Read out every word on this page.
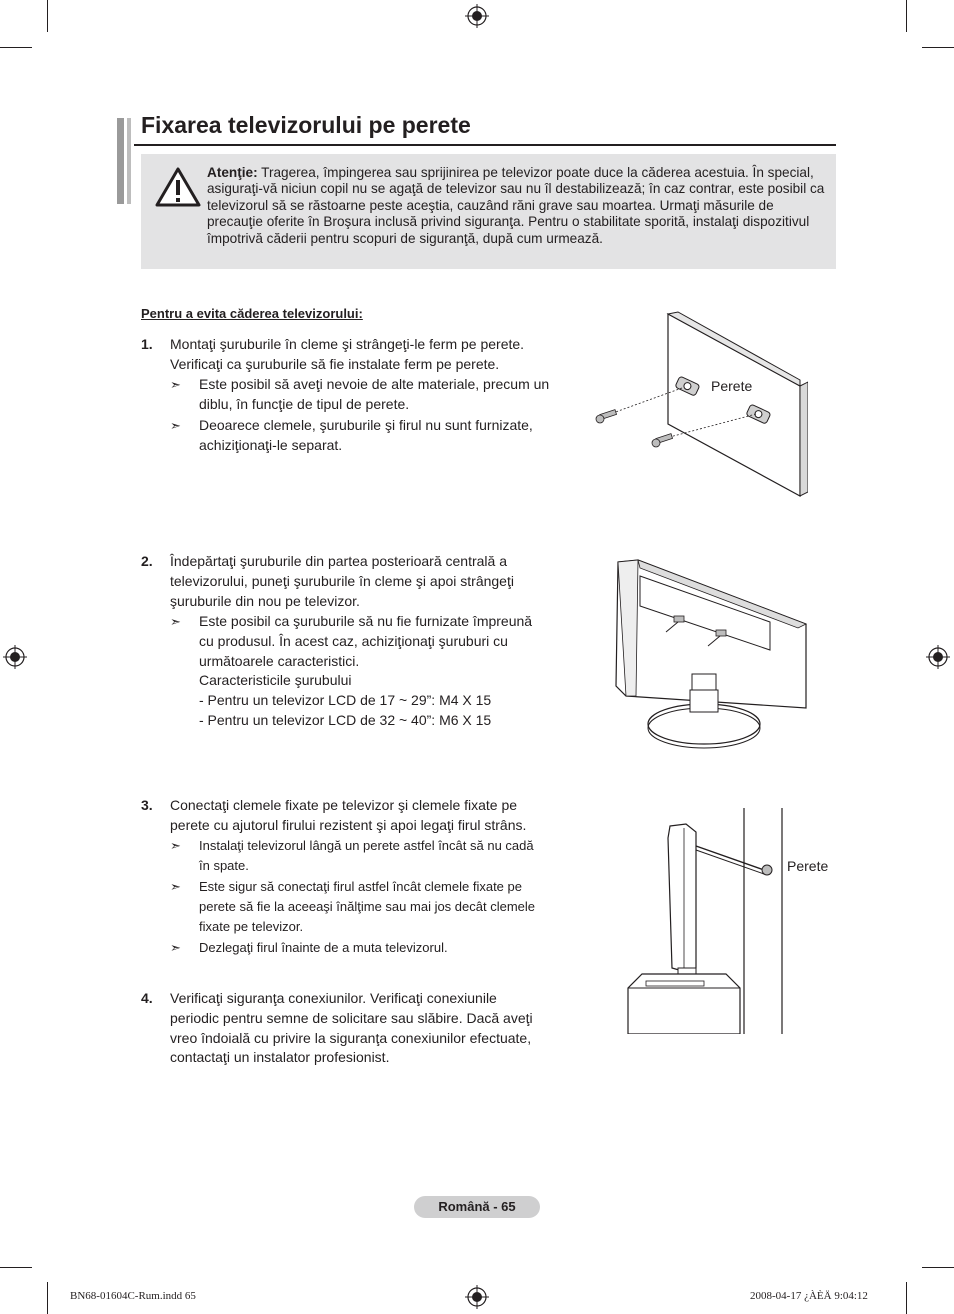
Fixarea televizorului pe perete
Atenţie: Tragerea, împingerea sau sprijinirea pe televizor poate duce la căderea acestuia. În special, asiguraţi-vă niciun copil nu se agaţă de televizor sau nu îl destabilizează; în caz contrar, este posibil ca televizorul să se răstoarne peste aceştia, cauzând răni grave sau moartea. Urmaţi măsurile de precauţie oferite în Broşura inclusă privind siguranţa. Pentru o stabilitate sporită, instalaţi dispozitivul împotrivă căderii pentru scopuri de siguranţă, după cum urmează.
Pentru a evita căderea televizorului:
1. Montaţi şuruburile în cleme şi strângeţi-le ferm pe perete.
Verificaţi ca şuruburile să fie instalate ferm pe perete.
➣ Este posibil să aveţi nevoie de alte materiale, precum un
diblu, în funcţie de tipul de perete.
➣ Deoarece clemele, şuruburile şi firul nu sunt furnizate,
achiziţionaţi-le separat.
2. Îndepărtaţi şuruburile din partea posterioară centrală a
televizorului, puneţi şuruburile în cleme şi apoi strângeţi
şuruburile din nou pe televizor.
➣ Este posibil ca şuruburile să nu fie furnizate împreună
cu produsul. În acest caz, achiziţionaţi şuruburi cu
următoarele caracteristici.
Caracteristicile şurubului
- Pentru un televizor LCD de 17 ~ 29”: M4 X 15
- Pentru un televizor LCD de 32 ~ 40”: M6 X 15
3. Conectaţi clemele fixate pe televizor şi clemele fixate pe
perete cu ajutorul firului rezistent şi apoi legaţi firul strâns.
➣ Instalaţi televizorul lângă un perete astfel încât să nu cadă
în spate.
➣ Este sigur să conectaţi firul astfel încât clemele fixate pe
perete să fie la aceeaşi înălţime sau mai jos decât clemele
fixate pe televizor.
➣ Dezlegaţi firul înainte de a muta televizorul.
4. Verificaţi siguranţa conexiunilor. Verificaţi conexiunile
periodic pentru semne de solicitare sau slăbire. Dacă aveţi
vreo îndoială cu privire la siguranţa conexiunilor efectuate,
contactaţi un instalator profesionist.
Perete
Perete
Română - 65
BN68-01604C-Rum.indd 65	2008-04-17 ¿ÀÈÄ 9:04:12
